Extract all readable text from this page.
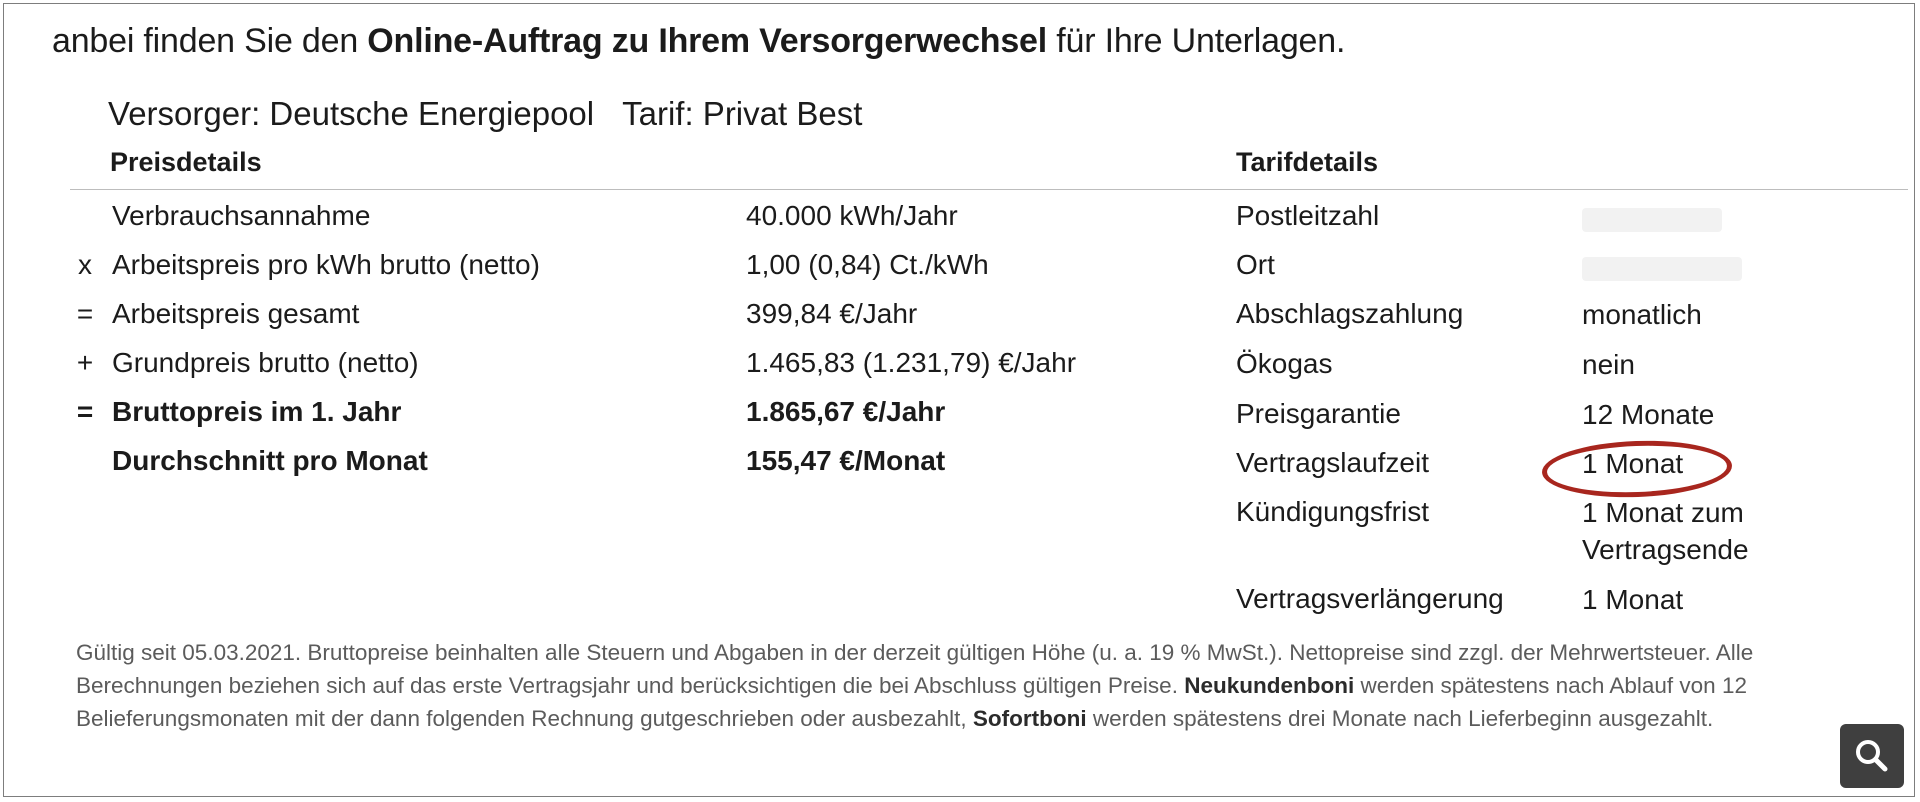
anbei finden Sie den Online-Auftrag zu Ihrem Versorgerwechsel für Ihre Unterlagen.
Versorger: Deutsche Energiepool Tarif: Privat Best
Preisdetails	Tarifdetails
Verbrauchsannahme	40.000 kWh/Jahr
x Arbeitspreis pro kWh brutto (netto)	1,00 (0,84) Ct./kWh
= Arbeitspreis gesamt	399,84 €/Jahr
+ Grundpreis brutto (netto)	1.465,83 (1.231,79) €/Jahr
= Bruttopreis im 1. Jahr	1.865,67 €/Jahr
Durchschnitt pro Monat	155,47 €/Monat
Postleitzahl
Ort
Abschlagszahlung	monatlich
Ökogas	nein
Preisgarantie	12 Monate
Vertragslaufzeit	1 Monat
Kündigungsfrist	1 Monat zum Vertragsende
Vertragsverlängerung	1 Monat
Gültig seit 05.03.2021. Bruttopreise beinhalten alle Steuern und Abgaben in der derzeit gültigen Höhe (u. a. 19 % MwSt.). Nettopreise sind zzgl. der Mehrwertsteuer. Alle Berechnungen beziehen sich auf das erste Vertragsjahr und berücksichtigen die bei Abschluss gültigen Preise. Neukundenboni werden spätestens nach Ablauf von 12 Belieferungsmonaten mit der dann folgenden Rechnung gutgeschrieben oder ausbezahlt, Sofortboni werden spätestens drei Monate nach Lieferbeginn ausgezahlt.
